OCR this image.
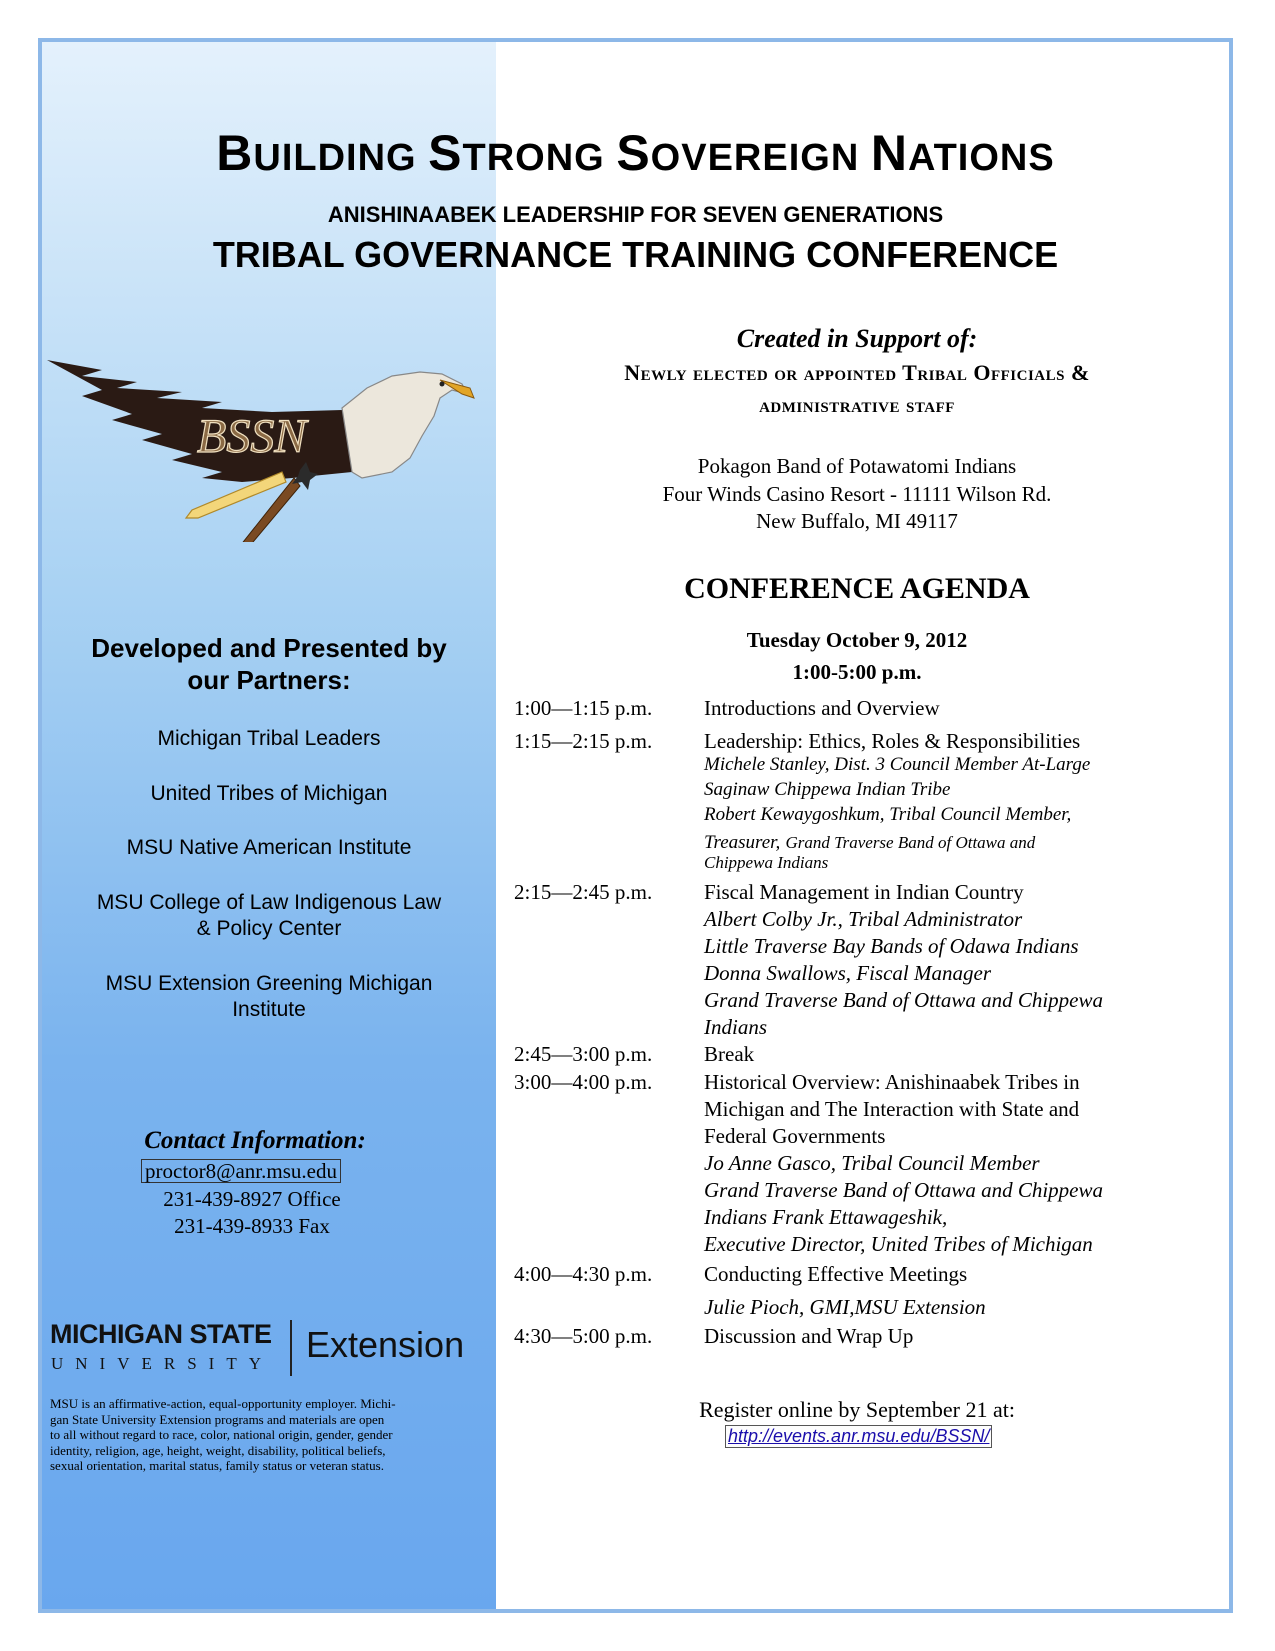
BUILDING STRONG SOVEREIGN NATIONS
ANISHINAABEK LEADERSHIP FOR SEVEN GENERATIONS
TRIBAL GOVERNANCE TRAINING CONFERENCE
BSSN
Created in Support of:
Newly elected or appointed Tribal Officials &
administrative staff
Pokagon Band of Potawatomi Indians
Four Winds Casino Resort - 11111 Wilson Rd.
New Buffalo, MI 49117
CONFERENCE AGENDA
Tuesday October 9, 2012
1:00-5:00 p.m.
1:00—1:15 p.m. Introductions and Overview
1:15—2:15 p.m. Leadership: Ethics, Roles & Responsibilities
Michele Stanley, Dist. 3 Council Member At-Large
Saginaw Chippewa Indian Tribe
Robert Kewaygoshkum, Tribal Council Member,
Treasurer, Grand Traverse Band of Ottawa and
Chippewa Indians
2:15—2:45 p.m. Fiscal Management in Indian Country
Albert Colby Jr., Tribal Administrator
Little Traverse Bay Bands of Odawa Indians
Donna Swallows, Fiscal Manager
Grand Traverse Band of Ottawa and Chippewa
Indians
2:45—3:00 p.m. Break
3:00—4:00 p.m. Historical Overview: Anishinaabek Tribes in
Michigan and The Interaction with State and
Federal Governments
Jo Anne Gasco, Tribal Council Member
Grand Traverse Band of Ottawa and Chippewa
Indians Frank Ettawageshik,
Executive Director, United Tribes of Michigan
4:00—4:30 p.m. Conducting Effective Meetings
Julie Pioch, GMI,MSU Extension
4:30—5:00 p.m. Discussion and Wrap Up
Register online by September 21 at:
http://events.anr.msu.edu/BSSN/
Developed and Presented by
our Partners:
Michigan Tribal Leaders
United Tribes of Michigan
MSU Native American Institute
MSU College of Law Indigenous Law
& Policy Center
MSU Extension Greening Michigan
Institute
Contact Information:
proctor8@anr.msu.edu
231-439-8927 Office
231-439-8933 Fax
MICHIGAN STATE
UNIVERSITY Extension
MSU is an affirmative-action, equal-opportunity employer. Michi-
gan State University Extension programs and materials are open
to all without regard to race, color, national origin, gender, gender
identity, religion, age, height, weight, disability, political beliefs,
sexual orientation, marital status, family status or veteran status.
